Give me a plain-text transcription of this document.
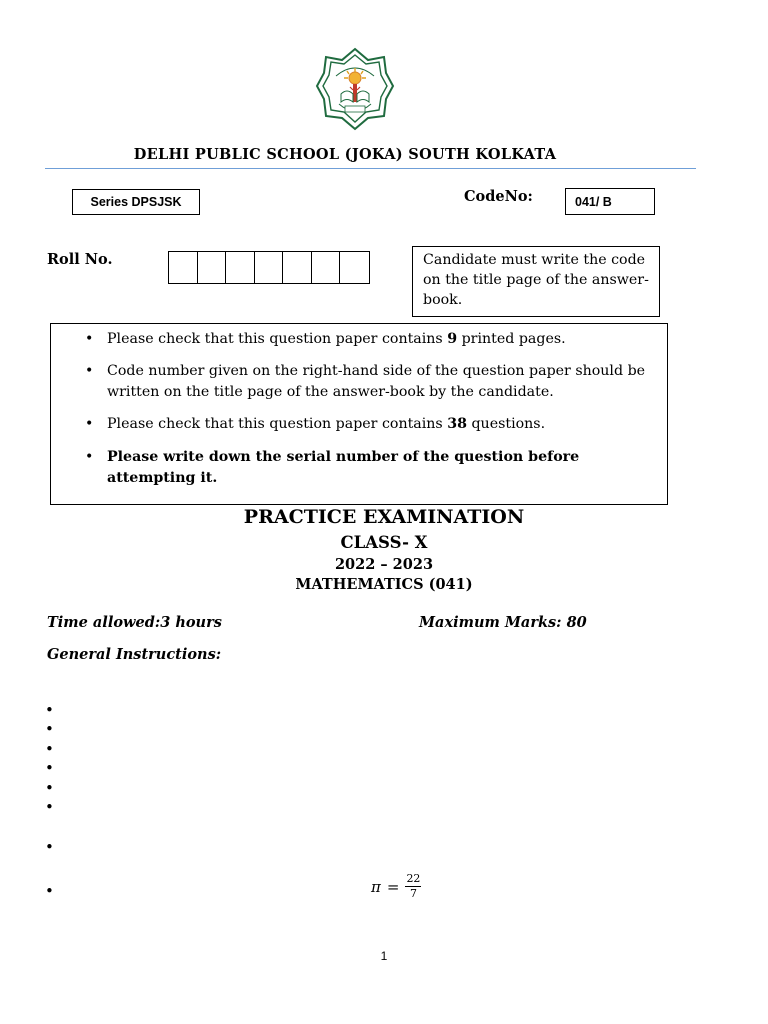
DELHI PUBLIC SCHOOL (JOKA) SOUTH KOLKATA
Series DPSJSK	CodeNo:	041/ B
Roll No.	Candidate must write the code on the title page of the answer-book.
• Please check that this question paper contains 9 printed pages.
• Code number given on the right-hand side of the question paper should be written on the title page of the answer-book by the candidate.
• Please check that this question paper contains 38 questions.
• Please write down the serial number of the question before attempting it.
PRACTICE EXAMINATION
CLASS- X
2022 – 2023
MATHEMATICS (041)
Time allowed:3 hours	Maximum Marks: 80
General Instructions:
•
•
•
•
•
•
•
•	$\pi = \frac{22}{7}$
1
